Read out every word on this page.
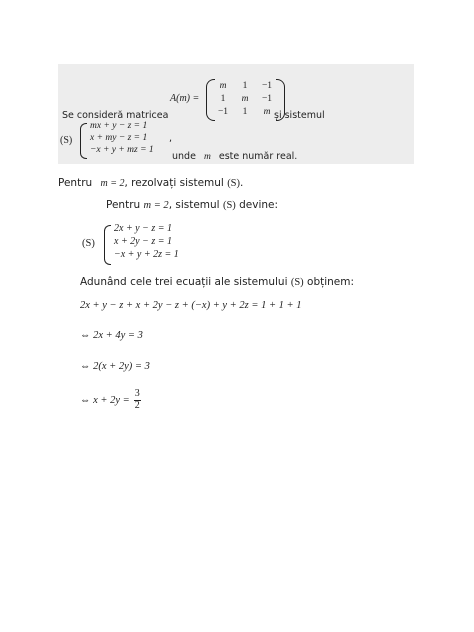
Se consideră matricea
A(m) =
m	1	−1
1	m	−1
−1	1	m și sistemul
(S)
mx + y − z = 1
x + my − z = 1
−x + y + mz = 1
,
unde m este număr real.
Pentru m = 2, rezolvați sistemul (S).
Pentru m = 2, sistemul (S) devine:
(S)
2x + y − z = 1
x + 2y − z = 1
−x + y + 2z = 1
Adunând cele trei ecuații ale sistemului (S) obținem:
2x + y − z + x + 2y − z + (−x) + y + 2z = 1 + 1 + 1
⇔ 2x + 4y = 3
⇔ 2(x + 2y) = 3
⇔ $x + 2y = \frac{3}{2}$
